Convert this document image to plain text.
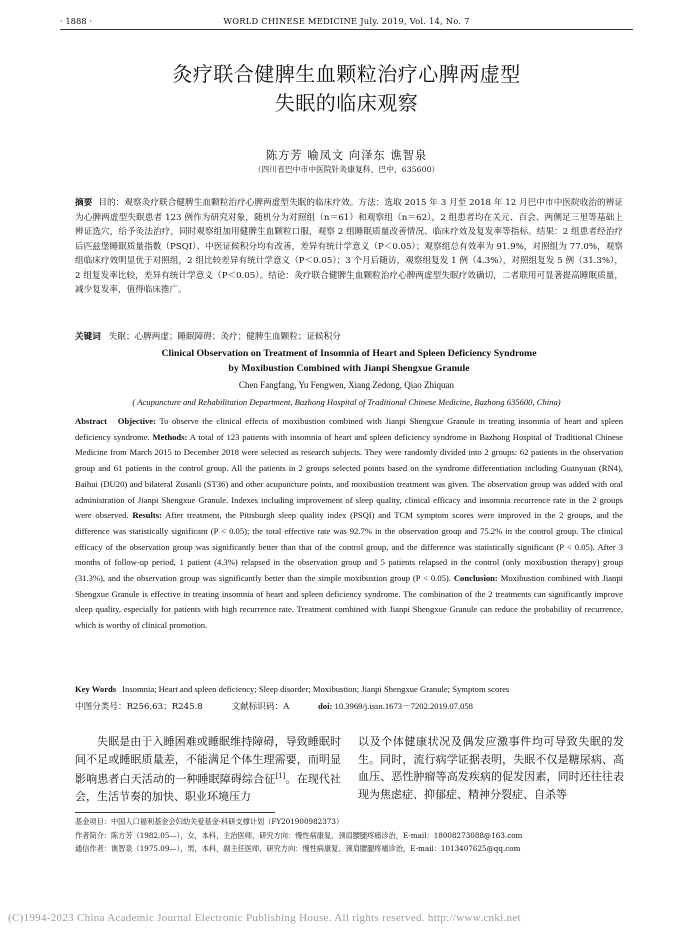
· 1888 ·	WORLD CHINESE MEDICINE July. 2019, Vol. 14, No. 7
灸疗联合健脾生血颗粒治疗心脾两虚型
失眠的临床观察
陈方芳 喻凤文 向泽东 谯智泉
（四川省巴中市中医院针灸康复科，巴中，635600）
摘要 目的：观察灸疗联合健脾生血颗粒治疗心脾两虚型失眠的临床疗效。方法：选取 2015 年 3 月至 2018 年 12 月巴中市中医院收治的辨证为心脾两虚型失眠患者 123 例作为研究对象，随机分为对照组（n＝61）和观察组（n＝62），2 组患者均在关元、百会、两侧足三里等基础上辨证选穴，给予灸法治疗，同时观察组加用健脾生血颗粒口服，观察 2 组睡眠质量改善情况、临床疗效及复发率等指标。结果：2 组患者经治疗后匹兹堡睡眠质量指数（PSQI）、中医证候积分均有改善，差异有统计学意义（P＜0.05）；观察组总有效率为 91.9%，对照组为 77.0%，观察组临床疗效明显优于对照组，2 组比较差异有统计学意义（P＜0.05）；3 个月后随访，观察组复发 1 例（4.3%），对照组复发 5 例（31.3%），2 组复发率比较，差异有统计学意义（P＜0.05）。结论：灸疗联合健脾生血颗粒治疗心脾两虚型失眠疗效确切，二者联用可显著提高睡眠质量，减少复发率，值得临床推广。
关键词 失眠；心脾两虚；睡眠障碍；灸疗；健脾生血颗粒；证候积分
Clinical Observation on Treatment of Insomnia of Heart and Spleen Deficiency Syndrome
by Moxibustion Combined with Jianpi Shengxue Granule
Chen Fangfang, Yu Fengwen, Xiang Zedong, Qiao Zhiquan
( Acupuncture and Rehabilitation Department, Bazhong Hospital of Traditional Chinese Medicine, Bazhong 635600, China)
Abstract Objective: To observe the clinical effects of moxibustion combined with Jianpi Shengxue Granule in treating insomnia of heart and spleen deficiency syndrome. Methods: A total of 123 patients with insomnia of heart and spleen deficiency syndrome in Bazhong Hospital of Traditional Chinese Medicine from March 2015 to December 2018 were selected as research subjects. They were randomly divided into 2 groups: 62 patients in the observation group and 61 patients in the control group. All the patients in 2 groups selected points based on the syndrome differentiation including Guanyuan (RN4), Baihui (DU20) and bilateral Zusanli (ST36) and other acupuncture points, and moxibustion treatment was given. The observation group was added with oral administration of Jianpi Shengxue Granule. Indexes including improvement of sleep quality, clinical efficacy and insomnia recurrence rate in the 2 groups were observed. Results: After treatment, the Pittsburgh sleep quality index (PSQI) and TCM symptom scores were improved in the 2 groups, and the difference was statistically significant (P < 0.05); the total effective rate was 92.7% in the observation group and 75.2% in the control group. The clinical efficacy of the observation group was significantly better than that of the control group, and the difference was statistically significant (P < 0.05). After 3 months of follow-up period, 1 patient (4.3%) relapsed in the observation group and 5 patients relapsed in the control (only moxibustion therapy) group (31.3%), and the observation group was significantly better than the simple moxibustion group (P < 0.05). Conclusion: Moxibustion combined with Jianpi Shengxue Granule is effective in treating insomnia of heart and spleen deficiency syndrome. The combination of the 2 treatments can significantly improve sleep quality, especially for patients with high recurrence rate. Treatment combined with Jianpi Shengxue Granule can reduce the probability of recurrence, which is worthy of clinical promotion.
Key Words Insomnia; Heart and spleen deficiency; Sleep disorder; Moxibustion; Jianpi Shengxue Granule; Symptom scores
中图分类号：R256.63；R245.8	文献标识码：A	doi: 10.3969/j.issn.1673－7202.2019.07.058
失眠是由于入睡困难或睡眠维持障碍，导致睡眠时间不足或睡眠质量差，不能满足个体生理需要，而明显影响患者白天活动的一种睡眠障碍综合征[1]。在现代社会，生活节奏的加快、职业环境压力
以及个体健康状况及偶发应激事件均可导致失眠的发生。同时，流行病学证据表明，失眠不仅是糖尿病、高血压、恶性肿瘤等高发疾病的促发因素，同时还往往表现为焦虑症、抑郁症、精神分裂症、自杀等
基金项目：中国人口福利基金会妇幼关爱基金·科研支撑计划（FY201900982373）
作者简介：陈方芳（1982.05—），女，本科，主治医师，研究方向：慢性病康复、颈肩腰腿疼痛诊治，E-mail：18008273088@163.com
通信作者：谯智泉（1975.09—），男，本科，副主任医师，研究方向：慢性病康复、颈肩腰腿疼痛诊治，E-mail：1013407625@qq.com
(C)1994-2023 China Academic Journal Electronic Publishing House. All rights reserved. http://www.cnki.net
